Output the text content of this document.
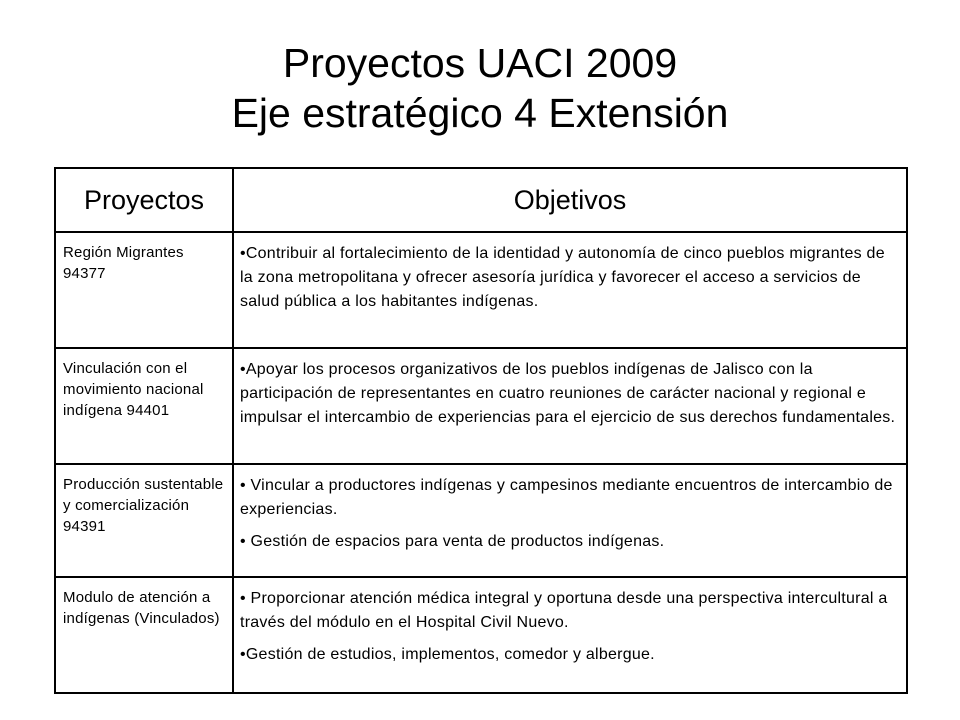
Proyectos UACI 2009
Eje estratégico 4 Extensión
Proyectos	Objetivos
Región Migrantes 94377	•Contribuir al fortalecimiento de la identidad y autonomía de cinco pueblos migrantes de la zona metropolitana y ofrecer asesoría jurídica y favorecer el acceso a servicios de salud pública a los habitantes indígenas.

Vinculación con el movimiento nacional indígena 94401	•Apoyar los procesos organizativos de los pueblos indígenas de Jalisco con la participación de representantes en cuatro reuniones de carácter nacional y regional e impulsar el intercambio de experiencias para el ejercicio de sus derechos fundamentales.

Producción sustentable y comercialización 94391	• Vincular a productores indígenas y campesinos mediante encuentros de intercambio de experiencias.

• Gestión de espacios para venta de productos indígenas.

Modulo de atención a indígenas (Vinculados)	• Proporcionar atención médica integral y oportuna desde una perspectiva intercultural a través del módulo en el Hospital Civil Nuevo.

•Gestión de estudios, implementos, comedor y albergue.
